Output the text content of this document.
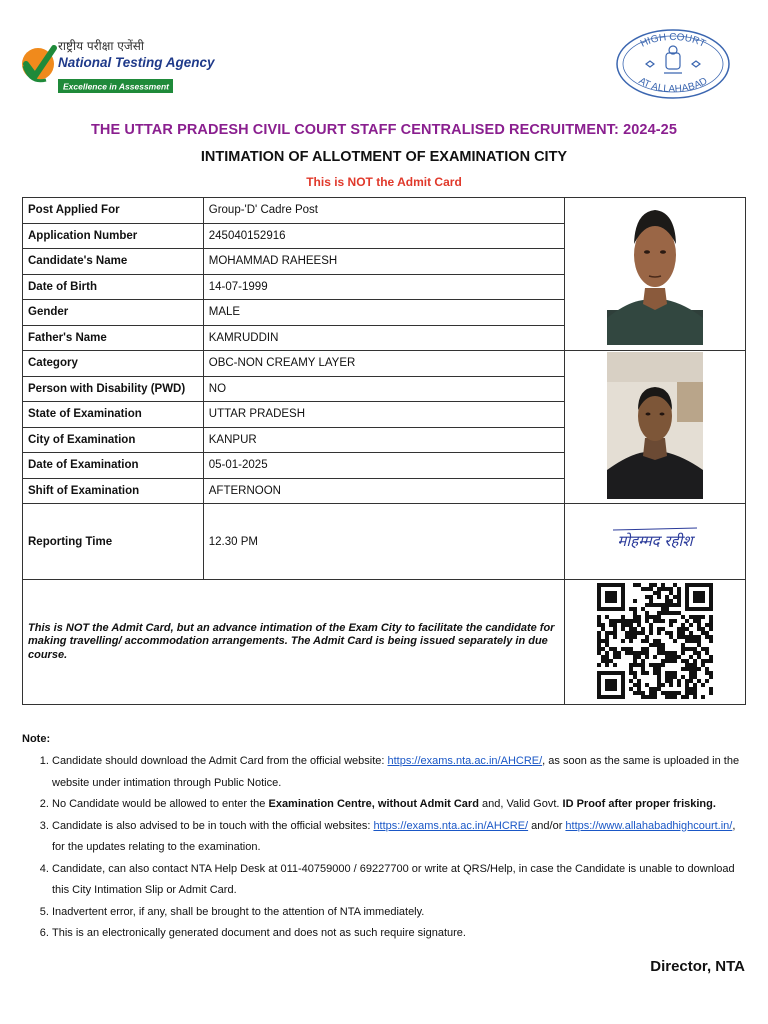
राष्ट्रीय परीक्षा एजेंसी
National Testing Agency
Excellence in Assessment
HIGH COURT
AT ALLAHABAD
THE UTTAR PRADESH CIVIL COURT STAFF CENTRALISED RECRUITMENT: 2024-25
INTIMATION OF ALLOTMENT OF EXAMINATION CITY
This is NOT the Admit Card
Post Applied For	Group-'D' Cadre Post	
Application Number	245040152916	
Candidate's Name	MOHAMMAD RAHEESH	
Date of Birth	14-07-1999	
Gender	MALE	
Father's Name	KAMRUDDIN	
Category	OBC-NON CREAMY LAYER	
Person with Disability (PWD)	NO	
State of Examination	UTTAR PRADESH	
City of Examination	KANPUR	
Date of Examination	05-01-2025	
Shift of Examination	AFTERNOON	
Reporting Time	12.30 PM	मोहम्मद रहीश

This is NOT the Admit Card, but an advance intimation of the Exam City to facilitate the candidate for making travelling/ accommodation arrangements. The Admit Card is being issued separately in due course.

Note:
1. Candidate should download the Admit Card from the official website: https://exams.nta.ac.in/AHCRE/, as soon as the same is uploaded in the website under intimation through Public Notice.
2. No Candidate would be allowed to enter the Examination Centre, without Admit Card and, Valid Govt. ID Proof after proper frisking.
3. Candidate is also advised to be in touch with the official websites: https://exams.nta.ac.in/AHCRE/ and/or https://www.allahabadhighcourt.in/, for the updates relating to the examination.
4. Candidate, can also contact NTA Help Desk at 011-40759000 / 69227700 or write at QRS/Help, in case the Candidate is unable to download this City Intimation Slip or Admit Card.
5. Inadvertent error, if any, shall be brought to the attention of NTA immediately.
6. This is an electronically generated document and does not as such require signature.
Director, NTA
